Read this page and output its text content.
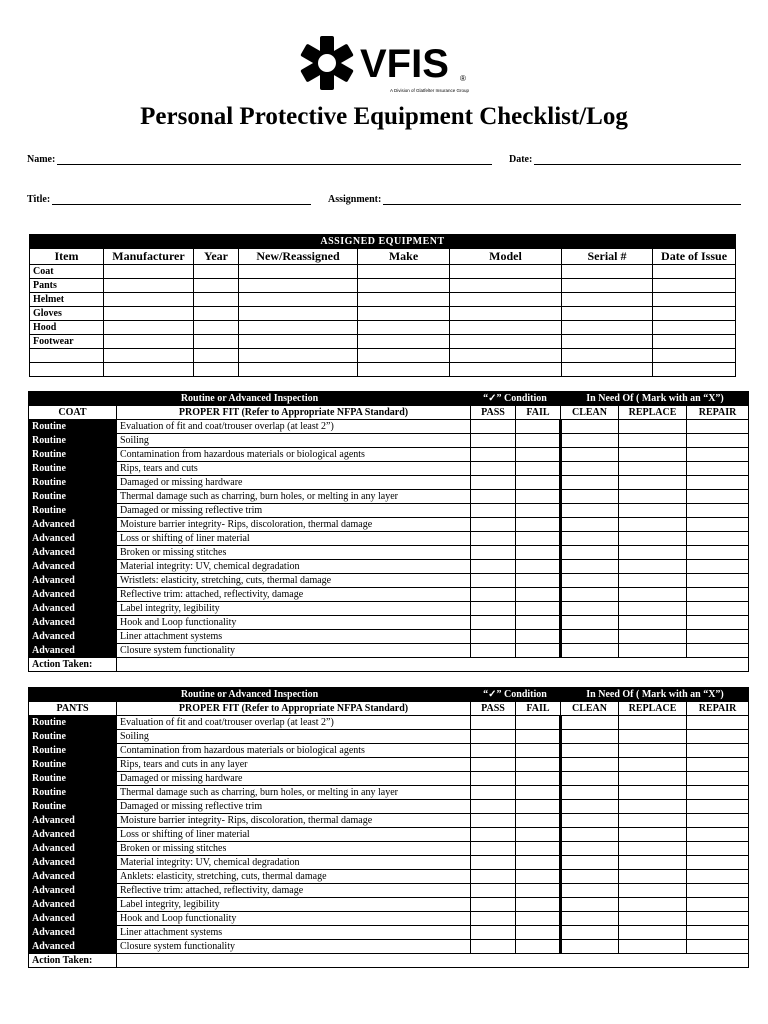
VFIS ®
A Division of Glatfelter Insurance Group
Personal Protective Equipment Checklist/Log
Name:	Date:
Title:	Assignment:
ASSIGNED EQUIPMENT							
Item	Manufacturer	Year	New/Reassigned	Make	Model	Serial #	Date of Issue
Coat							
Pants							
Helmet							
Gloves							
Hood							
Footwear							

Routine or Advanced Inspection		“✓” Condition		In Need Of ( Mark with an “X”)		
COAT	PROPER FIT (Refer to Appropriate NFPA Standard)	PASS	FAIL	CLEAN	REPLACE	REPAIR
Routine	Evaluation of fit and coat/trouser overlap (at least 2”)					
Routine	Soiling					
Routine	Contamination from hazardous materials or biological agents					
Routine	Rips, tears and cuts					
Routine	Damaged or missing hardware					
Routine	Thermal damage such as charring, burn holes, or melting in any layer					
Routine	Damaged or missing reflective trim					
Advanced	Moisture barrier integrity- Rips, discoloration, thermal damage					
Advanced	Loss or shifting of liner material					
Advanced	Broken or missing stitches					
Advanced	Material integrity: UV, chemical degradation					
Advanced	Wristlets: elasticity, stretching, cuts, thermal damage					
Advanced	Reflective trim: attached, reflectivity, damage					
Advanced	Label integrity, legibility					
Advanced	Hook and Loop functionality					
Advanced	Liner attachment systems					
Advanced	Closure system functionality					
Action Taken:						
Routine or Advanced Inspection		“✓” Condition		In Need Of ( Mark with an “X”)		
PANTS	PROPER FIT (Refer to Appropriate NFPA Standard)	PASS	FAIL	CLEAN	REPLACE	REPAIR
Routine	Evaluation of fit and coat/trouser overlap (at least 2”)					
Routine	Soiling					
Routine	Contamination from hazardous materials or biological agents					
Routine	Rips, tears and cuts in any layer					
Routine	Damaged or missing hardware					
Routine	Thermal damage such as charring, burn holes, or melting in any layer					
Routine	Damaged or missing reflective trim					
Advanced	Moisture barrier integrity- Rips, discoloration, thermal damage					
Advanced	Loss or shifting of liner material					
Advanced	Broken or missing stitches					
Advanced	Material integrity: UV, chemical degradation					
Advanced	Anklets: elasticity, stretching, cuts, thermal damage					
Advanced	Reflective trim: attached, reflectivity, damage					
Advanced	Label integrity, legibility					
Advanced	Hook and Loop functionality					
Advanced	Liner attachment systems					
Advanced	Closure system functionality					
Action Taken:						
